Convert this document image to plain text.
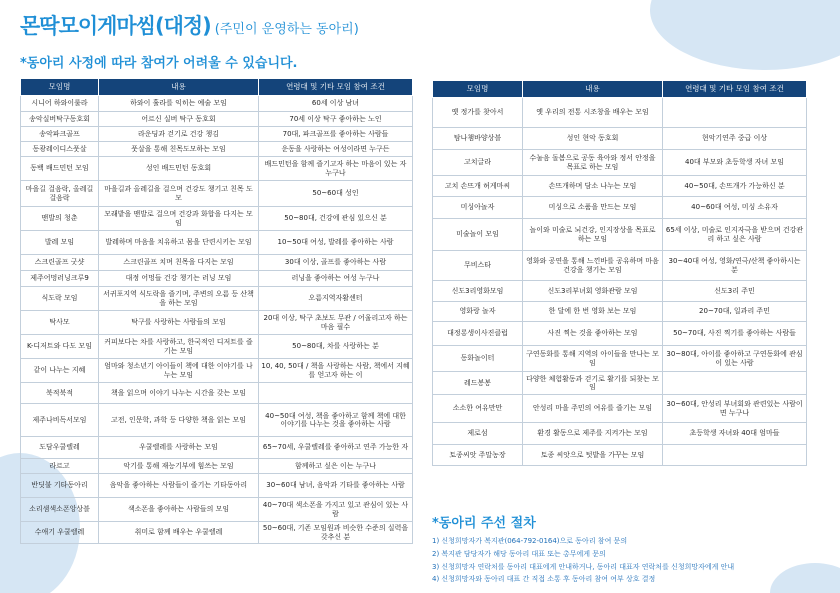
몬딱모이게마씸(대정) (주민이 운영하는 동아리)
*동아리 사정에 따라 참여가 어려울 수 있습니다.
모임명	내용	연령대 및 기타 모임 참여 조건
시니어 하와이룰라	하와이 훌라를 익히는 예술 모임	60세 이상 남녀
송악실버탁구동호회	어르신 실버 탁구 동호회	70세 이상 탁구 좋아하는 노인
송악파크골프	라운딩과 걷기로 건강 챙김	70대, 파크골프를 좋아하는 사람들
동광레이디스풋살	풋살을 통해 친목도모하는 모임	운동을 사랑하는 여성이라면 누구든
동백 배드민턴 모임	성인 배드민턴 동호회	배드민턴을 함께 즐기고자 하는 마음이 있는 자 누구나
마을길 걸음락, 올레길 걸음락	마을길과 올레길을 걸으며 건강도 챙기고 친목 도모	50~60대 성인
맨발의 청춘	모래밭을 맨발로 걸으며 건강과 화합을 다지는 모임	50~80대, 건강에 관심 있으신 분
발레 모임	발레하며 마음을 치유하고 몸을 단련시키는 모임	10~50대 여성, 발레를 좋아하는 사람
스크린골프 굿샷	스크린골프 치며 친목을 다지는 모임	30대 이상, 골프를 좋아하는 사람
제주어멍러닝크루9	대정 어멍들 건강 챙기는 러닝 모임	러닝을 좋아하는 여성 누구나
식도락 모임	서귀포지역 식도락을 즐기며, 주변의 오름 등 산책을 하는 모임	오름지역자활센터
탁사모	탁구를 사랑하는 사람들의 모임	20대 이상, 탁구 초보도 무관 / 어울리고자 하는 마음 필수
K-디저트와 다도 모임	커피보다는 차를 사랑하고, 한국적인 디저트를 즐기는 모임	50~80대, 차를 사랑하는 분
같이 나누는 지혜	엄마와 청소년기 아이들이 책에 대한 이야기를 나누는 모임	10, 40, 50대 / 책을 사랑하는 사람, 책에서 지혜를 얻고자 하는 이
북적북적	책을 읽으며 이야기 나누는 시간을 갖는 모임	
제주나비독서모임	고전, 인문학, 과학 등 다양한 책을 읽는 모임	40~50대 여성, 책을 좋아하고 함께 책에 대한 이야기를 나누는 것을 좋아하는 사람
도담우쿨렐레	우쿨렐레를 사랑하는 모임	65~70세, 우쿨렐레를 좋아하고 연주 가능한 자
라르고	악기를 통해 재능기부에 힘쓰는 모임	함께하고 싶은 이는 누구나
반딧불 기타동아리	음악을 좋아하는 사람들이 즐기는 기타동아리	30~60대 남녀, 음악과 기타를 좋아하는 사람
소리샘색소폰앙상블	색소폰을 좋아하는 사람들의 모임	40~70대 색소폰을 가지고 있고 관심이 있는 사람
수애기 우쿨렐레	취미로 함께 배우는 우쿨렐레	50~60대, 기존 모임원과 비슷한 수준의 실력을 갖추신 분
모임명	내용	연령대 및 기타 모임 참여 조건
옛 정가를 찾아서	옛 우리의 전통 시조창을 배우는 모임	
탐나챔바양상블	성인 현악 동호회	현악기연주 중급 이상
고치글라	수눌음 돌봄으로 공동 육아와 정서 안정을 목표로 하는 모임	40대 부모와 초등학생 자녀 모임
고치 손뜨개 허게마씨	손뜨개하며 담소 나누는 모임	40~50대, 손뜨개가 가능하신 분
미싱아놀자	미싱으로 소품을 만드는 모임	40~60대 여성, 미싱 소유자
미술놀이 모임	놀이와 미술로 뇌건강, 인지장상을 목표로 하는 모임	65세 이상, 미술로 인지자극을 받으며 건강관리 하고 싶은 사람
무비스타	영화와 공연을 통해 느낀바를 공유하며 마음 건강을 챙기는 모임	30~40대 여성, 영화/연극/산책 좋아하시는 분
신도3리영화모임	신도3리부녀회 영화관람 모임	신도3리 주민
영화랑 놀자	한 달에 한 번 영화 보는 모임	20~70대, 일과리 주민
대정롱생이사진클럽	사진 찍는 것을 좋아하는 모임	50~70대, 사진 찍기를 좋아하는 사람들
동화놀이터	구연동화를 통해 지역의 아이들을 만나는 모임	30~80대, 아이를 좋아하고 구연동화에 관심이 있는 사람
레드봉봉	다양한 체험활동과 걷기로 활기를 되찾는 모임	
소소한 여유만만	안성리 마을 주민의 여유를 즐기는 모임	30~60대, 안성리 부녀회와 관련있는 사람이면 누구나
제로섬	환경 활동으로 제주를 지켜가는 모임	초등학생 자녀와 40대 엄마들
토종씨앗 주말농장	토종 씨앗으로 텃밭을 가꾸는 모임	
*동아리 주선 절차
1) 신청희망자가 복지관(064-792-0164)으로 동아리 참여 문의
2) 복지관 담당자가 해당 동아리 대표 또는 총무에게 문의
3) 신청희망자 연락처를 동아리 대표에게 안내하거나, 동아리 대표자 연락처를 신청희망자에게 안내
4) 신청희망자와 동아리 대표 간 직접 소통 후 동아리 참여 여부 상호 결정
